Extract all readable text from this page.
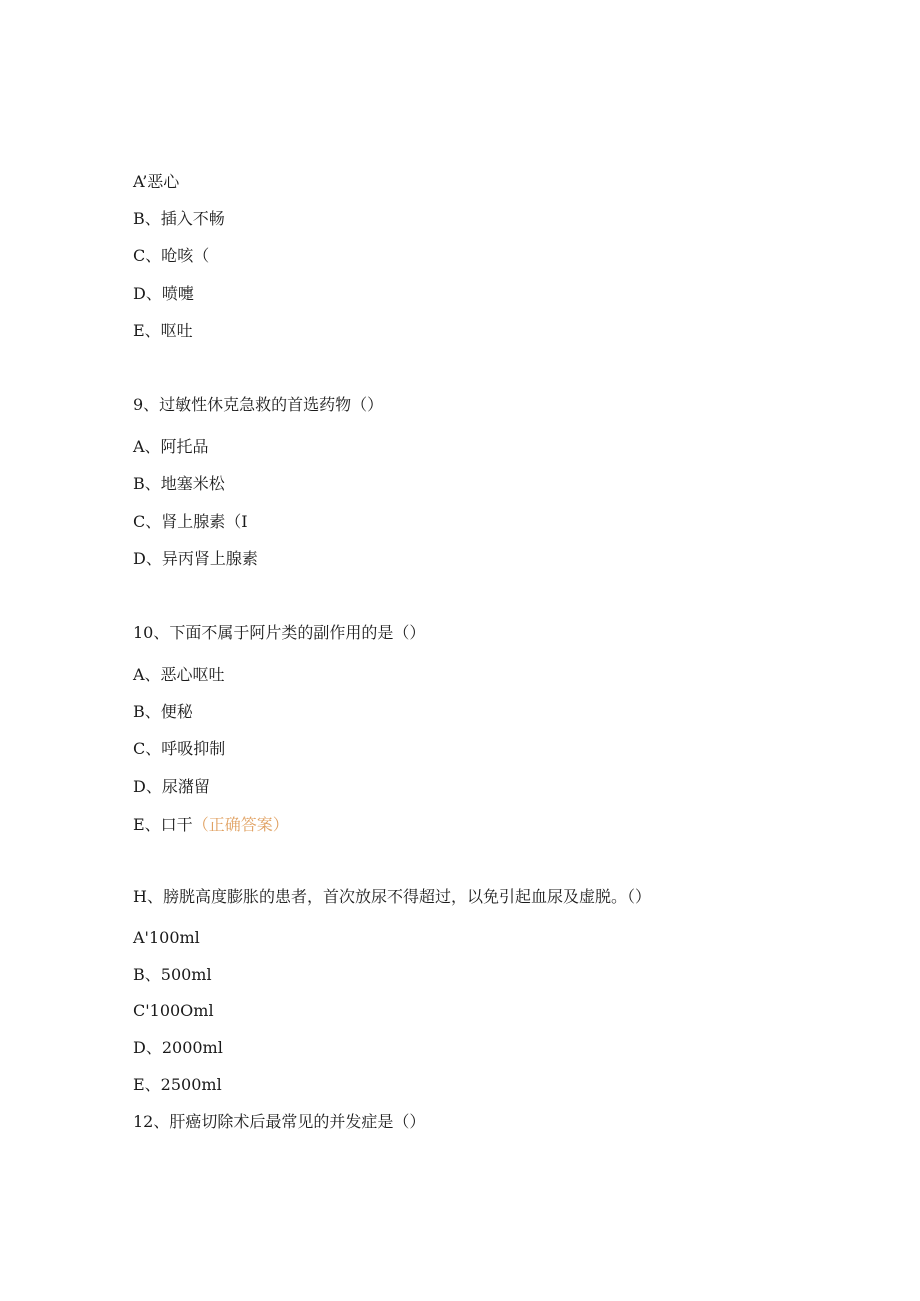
A’恶心
B、插入不畅
C、呛咳（
D、喷嚏
E、呕吐
9、过敏性休克急救的首选药物（）
A、阿托品
B、地塞米松
C、肾上腺素（I
D、异丙肾上腺素
10、下面不属于阿片类的副作用的是（）
A、恶心呕吐
B、便秘
C、呼吸抑制
D、尿潴留
E、口干（正确答案）
H、膀胱高度膨胀的患者，首次放尿不得超过，以免引起血尿及虚脱。（）
A'100ml
B、500ml
C'100Oml
D、2000ml
E、2500ml
12、肝癌切除术后最常见的并发症是（）
